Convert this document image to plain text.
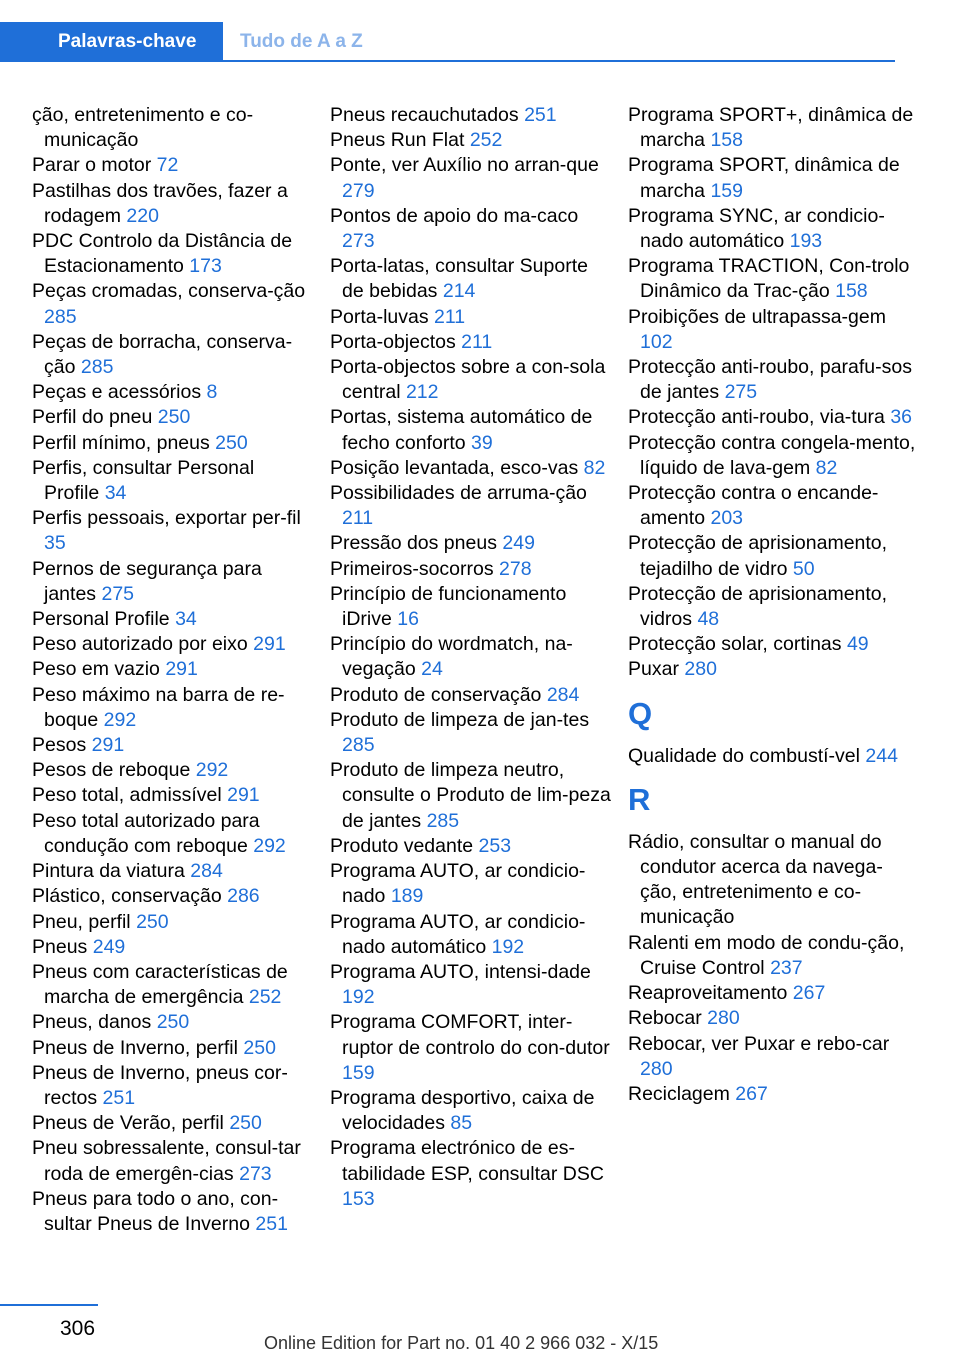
Palavras-chave	Tudo de A a Z

ção, entretenimento e co-municação

Parar o motor 72

Pastilhas dos travões, fazer a rodagem 220

PDC Controlo da Distância de Estacionamento 173

Peças cromadas, conserva-ção 285

Peças de borracha, conserva-ção 285

Peças e acessórios 8

Perfil do pneu 250

Perfil mínimo, pneus 250

Perfis, consultar Personal Profile 34

Perfis pessoais, exportar per-fil 35

Pernos de segurança para jantes 275

Personal Profile 34

Peso autorizado por eixo 291

Peso em vazio 291

Peso máximo na barra de re-boque 292

Pesos 291

Pesos de reboque 292

Peso total, admissível 291

Peso total autorizado para condução com reboque 292

Pintura da viatura 284

Plástico, conservação 286

Pneu, perfil 250

Pneus 249

Pneus com características de marcha de emergência 252

Pneus, danos 250

Pneus de Inverno, perfil 250

Pneus de Inverno, pneus cor-rectos 251

Pneus de Verão, perfil 250

Pneu sobressalente, consul-tar roda de emergên-cias 273

Pneus para todo o ano, con-sultar Pneus de Inverno 251

Pneus recauchutados 251

Pneus Run Flat 252

Ponte, ver Auxílio no arran-que 279

Pontos de apoio do ma-caco 273

Porta-latas, consultar Suporte de bebidas 214

Porta-luvas 211

Porta-objectos 211

Porta-objectos sobre a con-sola central 212

Portas, sistema automático de fecho conforto 39

Posição levantada, esco-vas 82

Possibilidades de arruma-ção 211

Pressão dos pneus 249

Primeiros-socorros 278

Princípio de funcionamento iDrive 16

Princípio do wordmatch, na-vegação 24

Produto de conservação 284

Produto de limpeza de jan-tes 285

Produto de limpeza neutro, consulte o Produto de lim-peza de jantes 285

Produto vedante 253

Programa AUTO, ar condicio-nado 189

Programa AUTO, ar condicio-nado automático 192

Programa AUTO, intensi-dade 192

Programa COMFORT, inter-ruptor de controlo do con-dutor 159

Programa desportivo, caixa de velocidades 85

Programa electrónico de es-tabilidade ESP, consultar DSC 153

Programa SPORT+, dinâmica de marcha 158

Programa SPORT, dinâmica de marcha 159

Programa SYNC, ar condicio-nado automático 193

Programa TRACTION, Con-trolo Dinâmico da Trac-ção 158

Proibições de ultrapassa-gem 102

Protecção anti-roubo, parafu-sos de jantes 275

Protecção anti-roubo, via-tura 36

Protecção contra congela-mento, líquido de lava-gem 82

Protecção contra o encande-amento 203

Protecção de aprisionamento, tejadilho de vidro 50

Protecção de aprisionamento, vidros 48

Protecção solar, cortinas 49

Puxar 280

Q

Qualidade do combustí-vel 244

R

Rádio, consultar o manual do condutor acerca da navega-ção, entretenimento e co-municação

Ralenti em modo de condu-ção, Cruise Control 237

Reaproveitamento 267

Rebocar 280

Rebocar, ver Puxar e rebo-car 280

Reciclagem 267

306
Online Edition for Part no. 01 40 2 966 032 - X/15
